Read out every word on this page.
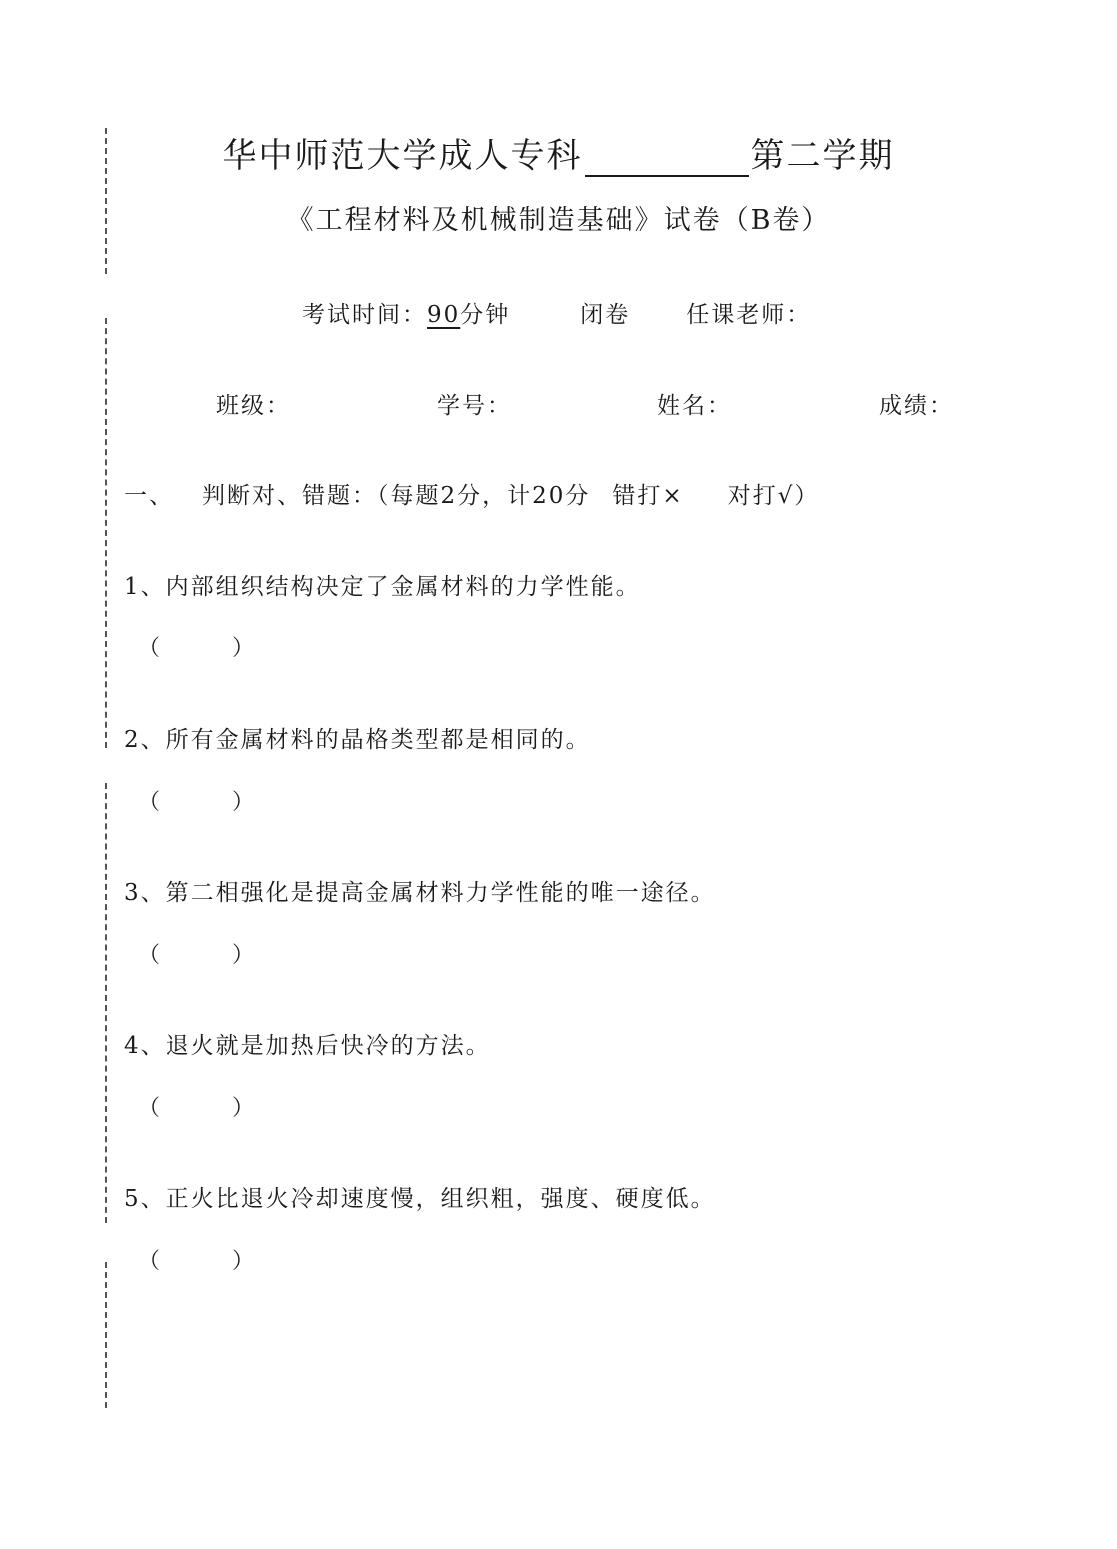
华中师范大学成人专科	第二学期
《工程材料及机械制造基础》试卷（B卷）
考试时间：90分钟	闭卷 任课老师：
班级：	学号：	姓名：	成绩：
一、 判断对、错题：（每题2分，计20分 错打× 对打√）
1、内部组织结构决定了金属材料的力学性能。
（	）
2、所有金属材料的晶格类型都是相同的。
（	）
3、第二相强化是提高金属材料力学性能的唯一途径。
（	）
4、退火就是加热后快冷的方法。
（	）
5、正火比退火冷却速度慢，组织粗，强度、硬度低。
（	）
